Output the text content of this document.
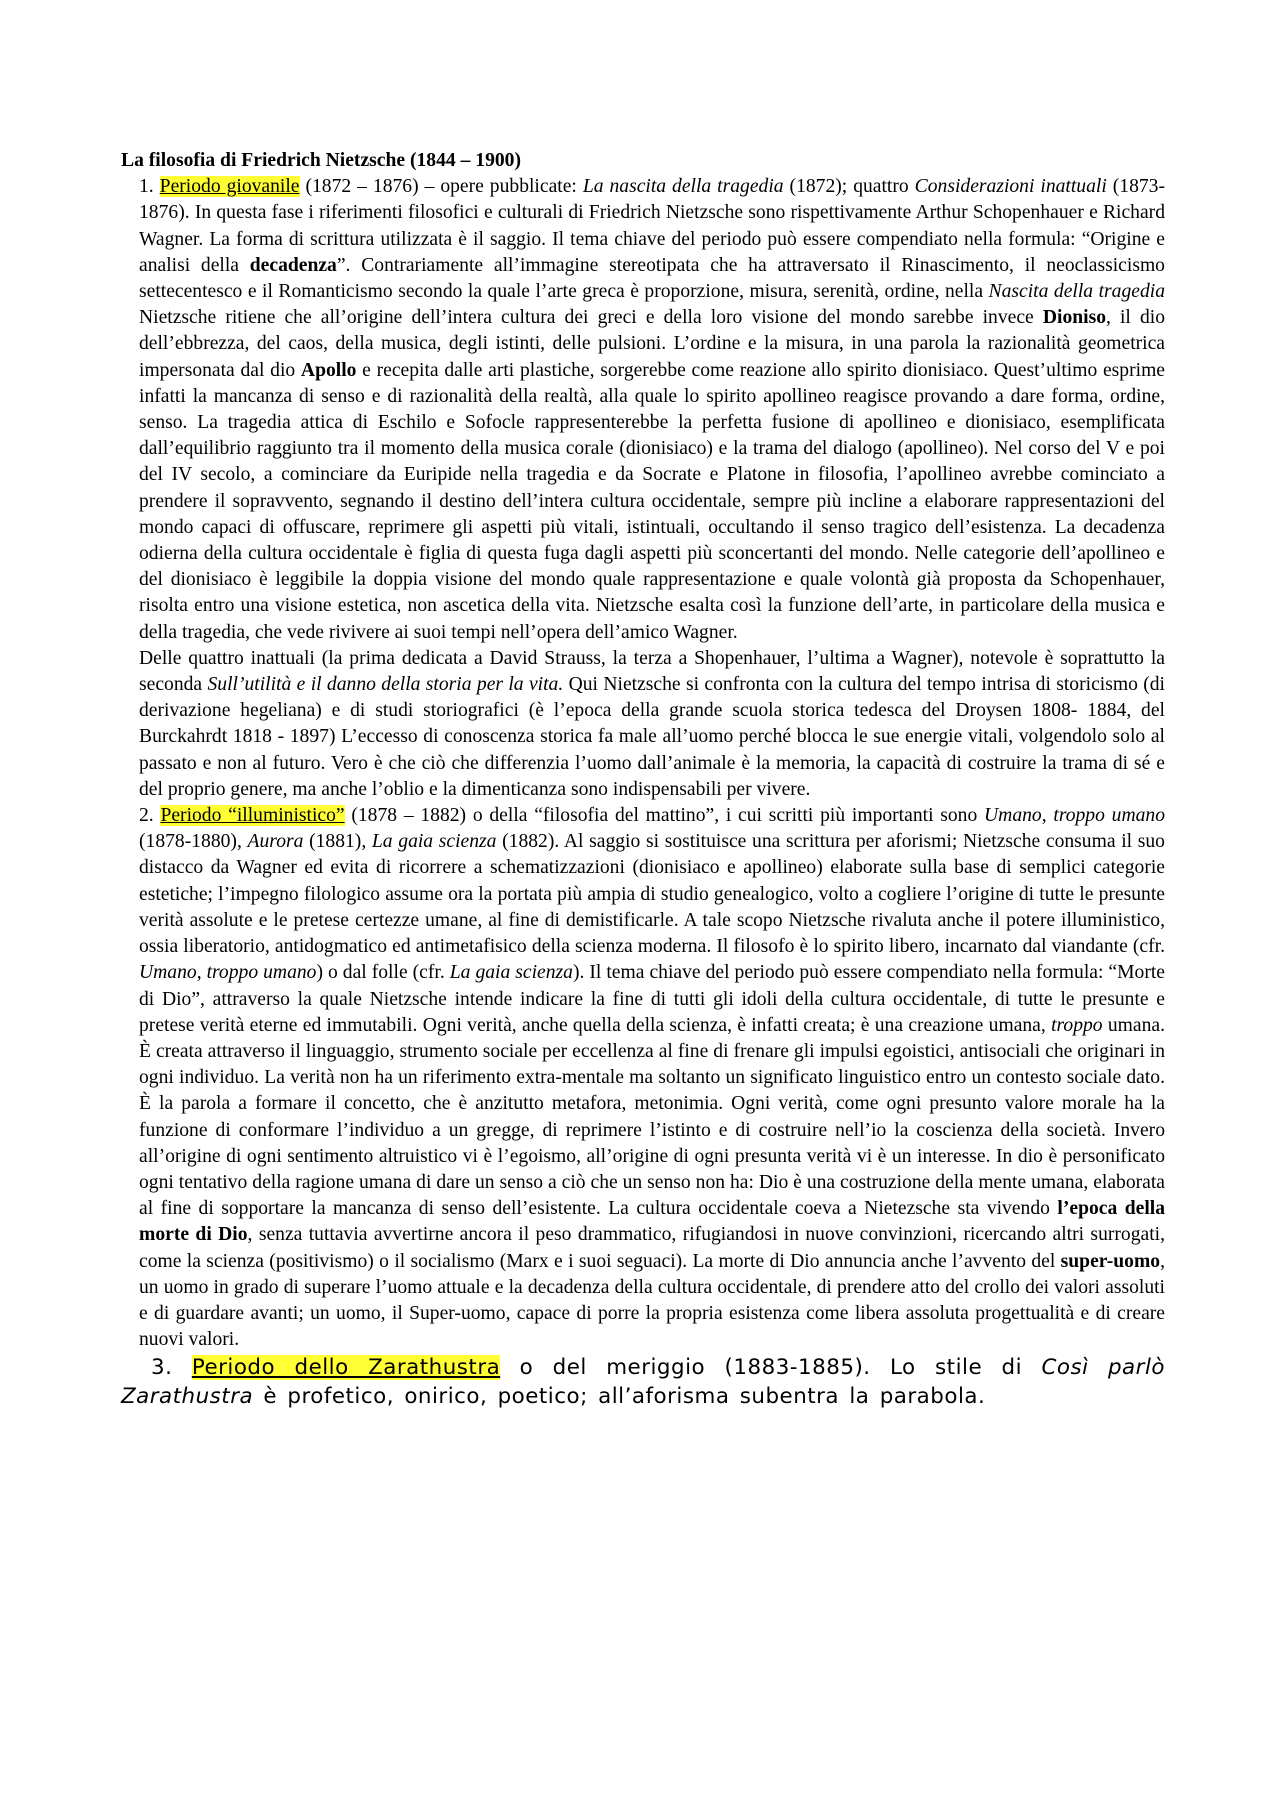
La filosofia di Friedrich Nietzsche (1844 – 1900)

1. Periodo giovanile (1872 – 1876) – opere pubblicate: La nascita della tragedia (1872); quattro Considerazioni inattuali (1873-1876). In questa fase i riferimenti filosofici e culturali di Friedrich Nietzsche sono rispettivamente Arthur Schopenhauer e Richard Wagner. La forma di scrittura utilizzata è il saggio. Il tema chiave del periodo può essere compendiato nella formula: “Origine e analisi della decadenza”. Contrariamente all’immagine stereotipata che ha attraversato il Rinascimento, il neoclassicismo settecentesco e il Romanticismo secondo la quale l’arte greca è proporzione, misura, serenità, ordine, nella Nascita della tragedia Nietzsche ritiene che all’origine dell’intera cultura dei greci e della loro visione del mondo sarebbe invece Dioniso, il dio dell’ebbrezza, del caos, della musica, degli istinti, delle pulsioni. L’ordine e la misura, in una parola la razionalità geometrica impersonata dal dio Apollo e recepita dalle arti plastiche, sorgerebbe come reazione allo spirito dionisiaco. Quest’ultimo esprime infatti la mancanza di senso e di razionalità della realtà, alla quale lo spirito apollineo reagisce provando a dare forma, ordine, senso. La tragedia attica di Eschilo e Sofocle rappresenterebbe la perfetta fusione di apollineo e dionisiaco, esemplificata dall’equilibrio raggiunto tra il momento della musica corale (dionisiaco) e la trama del dialogo (apollineo). Nel corso del V e poi del IV secolo, a cominciare da Euripide nella tragedia e da Socrate e Platone in filosofia, l’apollineo avrebbe cominciato a prendere il sopravvento, segnando il destino dell’intera cultura occidentale, sempre più incline a elaborare rappresentazioni del mondo capaci di offuscare, reprimere gli aspetti più vitali, istintuali, occultando il senso tragico dell’esistenza. La decadenza odierna della cultura occidentale è figlia di questa fuga dagli aspetti più sconcertanti del mondo. Nelle categorie dell’apollineo e del dionisiaco è leggibile la doppia visione del mondo quale rappresentazione e quale volontà già proposta da Schopenhauer, risolta entro una visione estetica, non ascetica della vita. Nietzsche esalta così la funzione dell’arte, in particolare della musica e della tragedia, che vede rivivere ai suoi tempi nell’opera dell’amico Wagner.

Delle quattro inattuali (la prima dedicata a David Strauss, la terza a Shopenhauer, l’ultima a Wagner), notevole è soprattutto la seconda Sull’utilità e il danno della storia per la vita. Qui Nietzsche si confronta con la cultura del tempo intrisa di storicismo (di derivazione hegeliana) e di studi storiografici (è l’epoca della grande scuola storica tedesca del Droysen 1808- 1884, del Burckahrdt 1818 - 1897) L’eccesso di conoscenza storica fa male all’uomo perché blocca le sue energie vitali, volgendolo solo al passato e non al futuro. Vero è che ciò che differenzia l’uomo dall’animale è la memoria, la capacità di costruire la trama di sé e del proprio genere, ma anche l’oblio e la dimenticanza sono indispensabili per vivere.

2. Periodo “illuministico” (1878 – 1882) o della “filosofia del mattino”, i cui scritti più importanti sono Umano, troppo umano (1878-1880), Aurora (1881), La gaia scienza (1882). Al saggio si sostituisce una scrittura per aforismi; Nietzsche consuma il suo distacco da Wagner ed evita di ricorrere a schematizzazioni (dionisiaco e apollineo) elaborate sulla base di semplici categorie estetiche; l’impegno filologico assume ora la portata più ampia di studio genealogico, volto a cogliere l’origine di tutte le presunte verità assolute e le pretese certezze umane, al fine di demistificarle. A tale scopo Nietzsche rivaluta anche il potere illuministico, ossia liberatorio, antidogmatico ed antimetafisico della scienza moderna. Il filosofo è lo spirito libero, incarnato dal viandante (cfr. Umano, troppo umano) o dal folle (cfr. La gaia scienza). Il tema chiave del periodo può essere compendiato nella formula: “Morte di Dio”, attraverso la quale Nietzsche intende indicare la fine di tutti gli idoli della cultura occidentale, di tutte le presunte e pretese verità eterne ed immutabili. Ogni verità, anche quella della scienza, è infatti creata; è una creazione umana, troppo umana. È creata attraverso il linguaggio, strumento sociale per eccellenza al fine di frenare gli impulsi egoistici, antisociali che originari in ogni individuo. La verità non ha un riferimento extra-mentale ma soltanto un significato linguistico entro un contesto sociale dato. È la parola a formare il concetto, che è anzitutto metafora, metonimia. Ogni verità, come ogni presunto valore morale ha la funzione di conformare l’individuo a un gregge, di reprimere l’istinto e di costruire nell’io la coscienza della società. Invero all’origine di ogni sentimento altruistico vi è l’egoismo, all’origine di ogni presunta verità vi è un interesse. In dio è personificato ogni tentativo della ragione umana di dare un senso a ciò che un senso non ha: Dio è una costruzione della mente umana, elaborata al fine di sopportare la mancanza di senso dell’esistente. La cultura occidentale coeva a Nietezsche sta vivendo l’epoca della morte di Dio, senza tuttavia avvertirne ancora il peso drammatico, rifugiandosi in nuove convinzioni, ricercando altri surrogati, come la scienza (positivismo) o il socialismo (Marx e i suoi seguaci). La morte di Dio annuncia anche l’avvento del super-uomo, un uomo in grado di superare l’uomo attuale e la decadenza della cultura occidentale, di prendere atto del crollo dei valori assoluti e di guardare avanti; un uomo, il Super-uomo, capace di porre la propria esistenza come libera assoluta progettualità e di creare nuovi valori.

3. Periodo dello Zarathustra o del meriggio (1883-1885). Lo stile di Così parlò Zarathustra è profetico, onirico, poetico; all’aforisma subentra la parabola.
